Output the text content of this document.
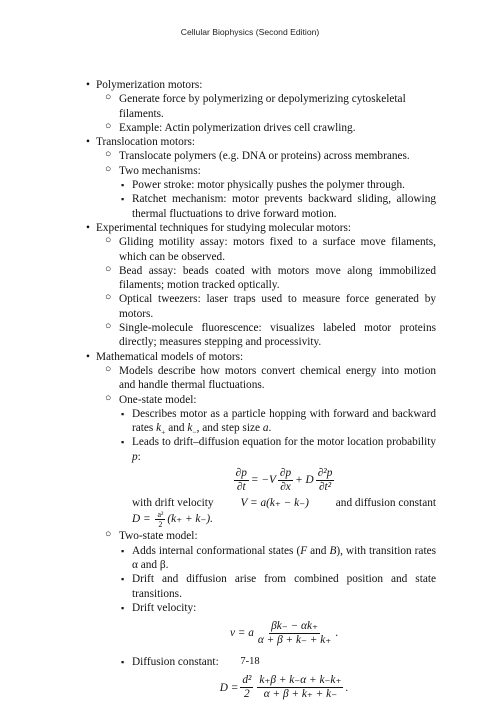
Cellular Biophysics (Second Edition)
• Polymerization motors:
○ Generate force by polymerizing or depolymerizing cytoskeletal filaments.
○ Example: Actin polymerization drives cell crawling.
• Translocation motors:
○ Translocate polymers (e.g. DNA or proteins) across membranes.
○ Two mechanisms:
▪ Power stroke: motor physically pushes the polymer through.
▪ Ratchet mechanism: motor prevents backward sliding, allowing thermal fluctuations to drive forward motion.
• Experimental techniques for studying molecular motors:
○ Gliding motility assay: motors fixed to a surface move filaments, which can be observed.
○ Bead assay: beads coated with motors move along immobilized filaments; motion tracked optically.
○ Optical tweezers: laser traps used to measure force generated by motors.
○ Single-molecule fluorescence: visualizes labeled motor proteins directly; measures stepping and processivity.
• Mathematical models of motors:
○ Models describe how motors convert chemical energy into motion and handle thermal fluctuations.
○ One-state model:
▪ Describes motor as a particle hopping with forward and backward rates $k_+$ and $k_-$, and step size a.
▪ Leads to drift–diffusion equation for the motor location probability p:
$\frac{\partial p}{\partial t} = -V \frac{\partial p}{\partial x} + D \frac{\text{∂²p}}{\text{∂t²}}$
with drift velocity V = a(k₊ − k₋) and diffusion constant
$D = \frac{\text{a²}}{2} (k_+ + k_-)$.
○ Two-state model:
▪ Adds internal conformational states (F and B), with transition rates α and β.
▪ Drift and diffusion arise from combined position and state transitions.
▪ Drift velocity:
v = a $\frac{\beta k_- - \alpha k_+}{\alpha + \beta + k_- + k_+}$ .
▪ Diffusion constant:
$D = \frac{\text{d²}}{2} \frac{k_+\beta + k_-\alpha + k_-k_+}{\alpha + \beta + k_+ + k_-}$ .
7-18
